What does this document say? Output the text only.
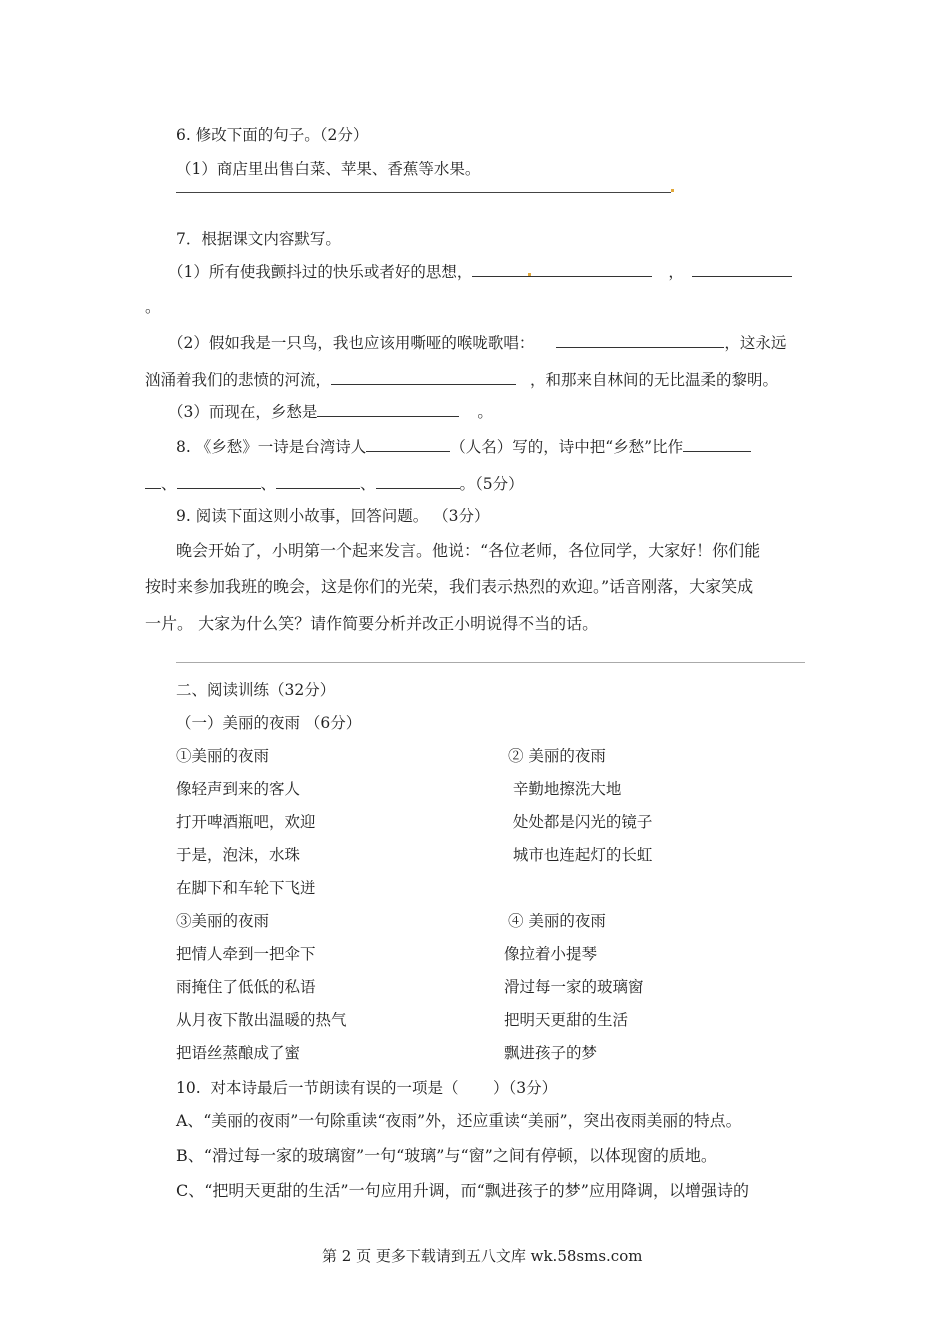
6. 修改下面的句子。（2分）
（1）商店里出售白菜、苹果、香蕉等水果。
7．根据课文内容默写。
（1）所有使我颤抖过的快乐或者好的思想，	，
。
（2）假如我是一只鸟，我也应该用嘶哑的喉咙歌唱：	，这永远
汹涌着我们的悲愤的河流，	，和那来自林间的无比温柔的黎明。
（3）而现在，乡愁是	。
8. 《乡愁》一诗是台湾诗人	（人名）写的，诗中把“乡愁”比作
、	、	、	。（5分）
9. 阅读下面这则小故事，回答问题。 （3分）
晚会开始了，小明第一个起来发言。他说：“各位老师，各位同学，大家好！你们能
按时来参加我班的晚会，这是你们的光荣，我们表示热烈的欢迎。”话音刚落，大家笑成
一片。 大家为什么笑？请作简要分析并改正小明说得不当的话。
二、阅读训练（32分）
（一）美丽的夜雨 （6分）
①美丽的夜雨
像轻声到来的客人
打开啤酒瓶吧，欢迎
于是，泡沫，水珠
在脚下和车轮下飞迸
② 美丽的夜雨
辛勤地擦洗大地
处处都是闪光的镜子
城市也连起灯的长虹
③美丽的夜雨
把情人牵到一把伞下
雨掩住了低低的私语
从月夜下散出温暖的热气
把语丝蒸酿成了蜜
④ 美丽的夜雨
像拉着小提琴
滑过每一家的玻璃窗
把明天更甜的生活
飘进孩子的梦
10.  对本诗最后一节朗读有误的一项是（       ）（3分）
A、“美丽的夜雨”一句除重读“夜雨”外，还应重读“美丽”，突出夜雨美丽的特点。
B、“滑过每一家的玻璃窗”一句“玻璃”与“窗”之间有停顿，以体现窗的质地。
C、“把明天更甜的生活”一句应用升调，而“飘进孩子的梦”应用降调，以增强诗的
第 2 页 更多下载请到五八文库 wk.58sms.com
